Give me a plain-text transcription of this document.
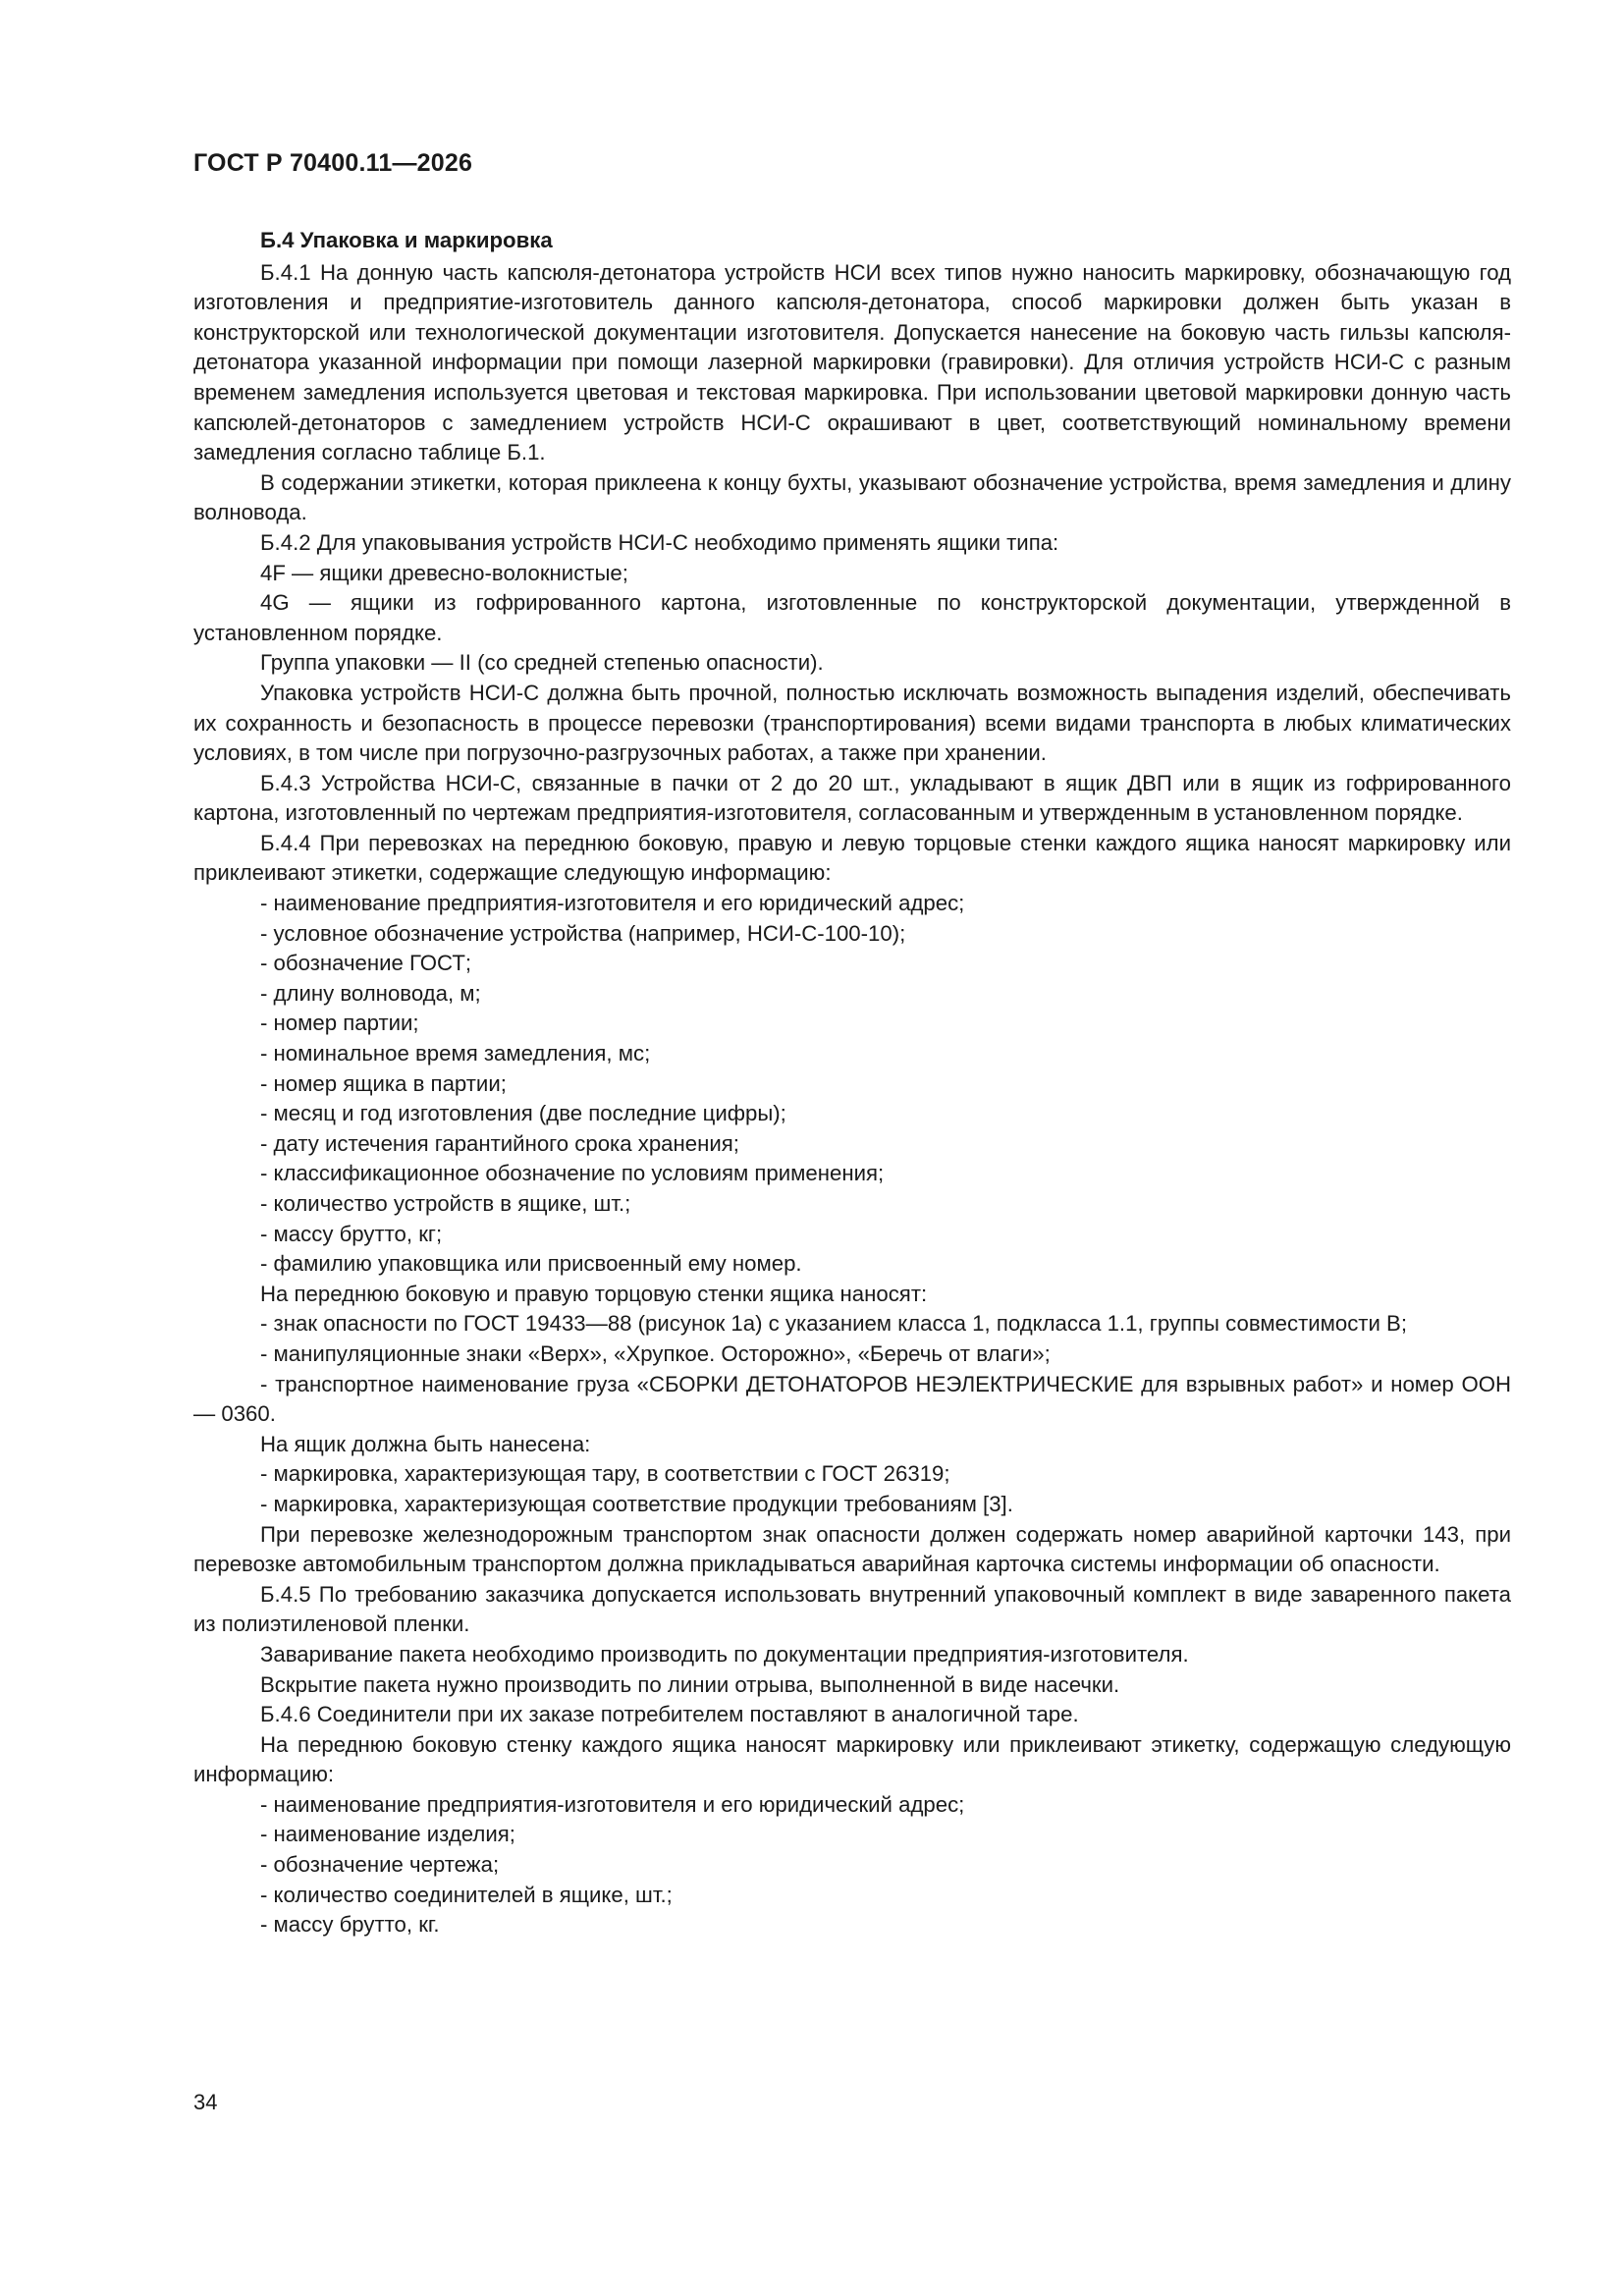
ГОСТ Р 70400.11—2026
Б.4 Упаковка и маркировка

Б.4.1 На донную часть капсюля-детонатора устройств НСИ всех типов нужно наносить маркировку, обозначающую год изготовления и предприятие-изготовитель данного капсюля-детонатора, способ маркировки должен быть указан в конструкторской или технологической документации изготовителя. Допускается нанесение на боковую часть гильзы капсюля-детонатора указанной информации при помощи лазерной маркировки (гравировки). Для отличия устройств НСИ-С с разным временем замедления используется цветовая и текстовая маркировка. При использовании цветовой маркировки донную часть капсюлей-детонаторов с замедлением устройств НСИ-С окрашивают в цвет, соответствующий номинальному времени замедления согласно таблице Б.1.

В содержании этикетки, которая приклеена к концу бухты, указывают обозначение устройства, время замедления и длину волновода.

Б.4.2 Для упаковывания устройств НСИ-С необходимо применять ящики типа:

4F — ящики древесно-волокнистые;

4G — ящики из гофрированного картона, изготовленные по конструкторской документации, утвержденной в установленном порядке.

Группа упаковки — II (со средней степенью опасности).

Упаковка устройств НСИ-С должна быть прочной, полностью исключать возможность выпадения изделий, обеспечивать их сохранность и безопасность в процессе перевозки (транспортирования) всеми видами транспорта в любых климатических условиях, в том числе при погрузочно-разгрузочных работах, а также при хранении.

Б.4.3 Устройства НСИ-С, связанные в пачки от 2 до 20 шт., укладывают в ящик ДВП или в ящик из гофрированного картона, изготовленный по чертежам предприятия-изготовителя, согласованным и утвержденным в установленном порядке.

Б.4.4 При перевозках на переднюю боковую, правую и левую торцовые стенки каждого ящика наносят маркировку или приклеивают этикетки, содержащие следующую информацию:

- наименование предприятия-изготовителя и его юридический адрес;

- условное обозначение устройства (например, НСИ-С-100-10);

- обозначение ГОСТ;

- длину волновода, м;

- номер партии;

- номинальное время замедления, мс;

- номер ящика в партии;

- месяц и год изготовления (две последние цифры);

- дату истечения гарантийного срока хранения;

- классификационное обозначение по условиям применения;

- количество устройств в ящике, шт.;

- массу брутто, кг;

- фамилию упаковщика или присвоенный ему номер.

На переднюю боковую и правую торцовую стенки ящика наносят:

- знак опасности по ГОСТ 19433—88 (рисунок 1а) с указанием класса 1, подкласса 1.1, группы совместимости B;

- манипуляционные знаки «Верх», «Хрупкое. Осторожно», «Беречь от влаги»;

- транспортное наименование груза «СБОРКИ ДЕТОНАТОРОВ НЕЭЛЕКТРИЧЕСКИЕ для взрывных работ» и номер ООН — 0360.

На ящик должна быть нанесена:

- маркировка, характеризующая тару, в соответствии с ГОСТ 26319;

- маркировка, характеризующая соответствие продукции требованиям [3].

При перевозке железнодорожным транспортом знак опасности должен содержать номер аварийной карточки 143, при перевозке автомобильным транспортом должна прикладываться аварийная карточка системы информации об опасности.

Б.4.5 По требованию заказчика допускается использовать внутренний упаковочный комплект в виде заваренного пакета из полиэтиленовой пленки.

Заваривание пакета необходимо производить по документации предприятия-изготовителя.

Вскрытие пакета нужно производить по линии отрыва, выполненной в виде насечки.

Б.4.6 Соединители при их заказе потребителем поставляют в аналогичной таре.

На переднюю боковую стенку каждого ящика наносят маркировку или приклеивают этикетку, содержащую следующую информацию:

- наименование предприятия-изготовителя и его юридический адрес;

- наименование изделия;

- обозначение чертежа;

- количество соединителей в ящике, шт.;

- массу брутто, кг.

34
